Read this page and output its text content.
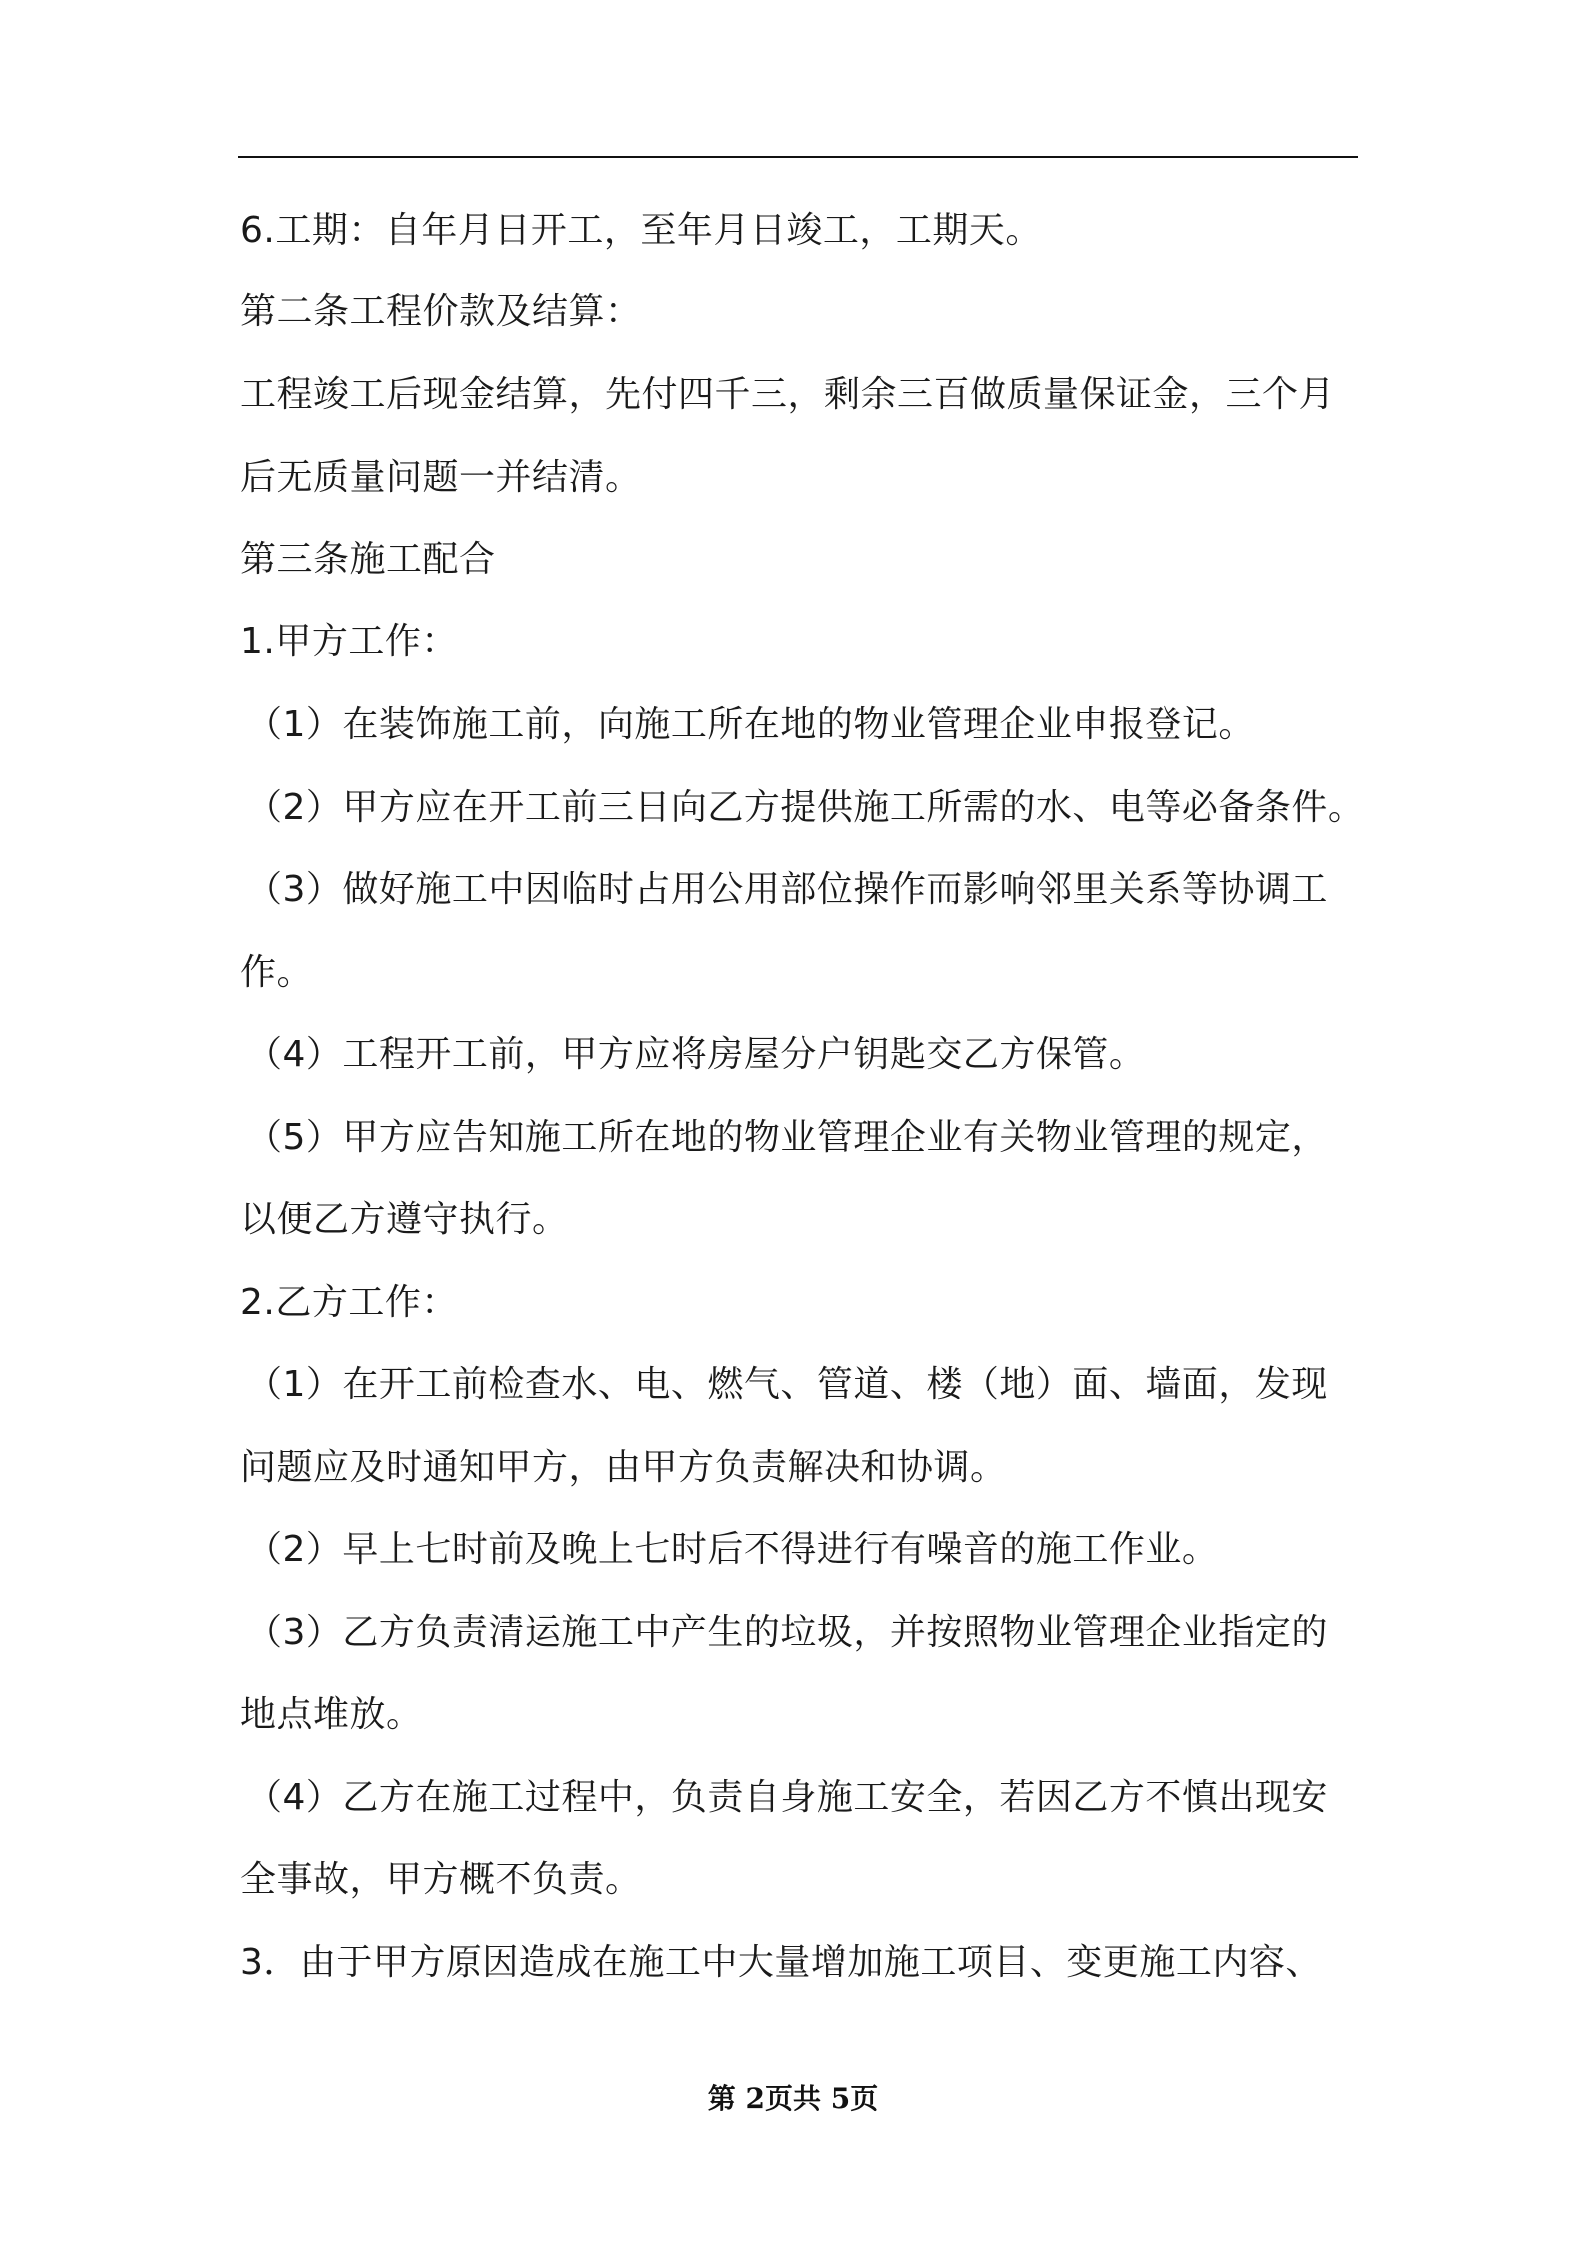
6.工期：自年月日开工，至年月日竣工，工期天。
第二条工程价款及结算：
工程竣工后现金结算，先付四千三，剩余三百做质量保证金，三个月
后无质量问题一并结清。
第三条施工配合
1.甲方工作：
（1）在装饰施工前，向施工所在地的物业管理企业申报登记。
（2）甲方应在开工前三日向乙方提供施工所需的水、电等必备条件。
（3）做好施工中因临时占用公用部位操作而影响邻里关系等协调工
作。
（4）工程开工前，甲方应将房屋分户钥匙交乙方保管。
（5）甲方应告知施工所在地的物业管理企业有关物业管理的规定，
以便乙方遵守执行。
2.乙方工作：
（1）在开工前检查水、电、燃气、管道、楼（地）面、墙面，发现
问题应及时通知甲方，由甲方负责解决和协调。
（2）早上七时前及晚上七时后不得进行有噪音的施工作业。
（3）乙方负责清运施工中产生的垃圾，并按照物业管理企业指定的
地点堆放。
（4）乙方在施工过程中，负责自身施工安全，若因乙方不慎出现安
全事故，甲方概不负责。
3．由于甲方原因造成在施工中大量增加施工项目、变更施工内容、
第 2页共 5页
